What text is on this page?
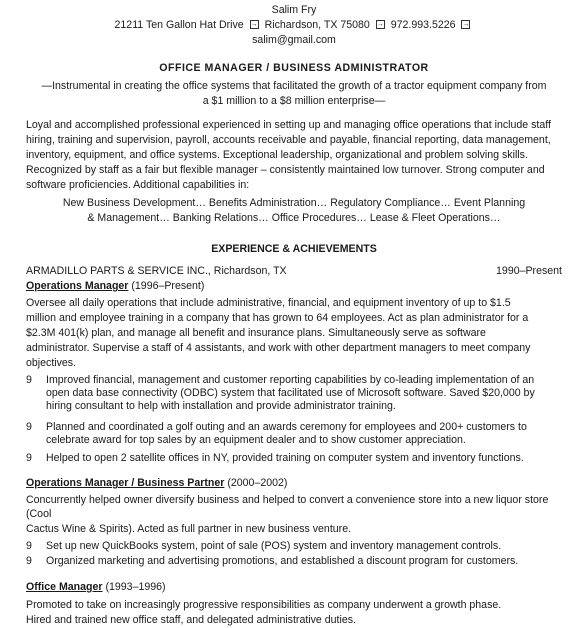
Salim Fry
21211 Ten Gallon Hat Drive → Richardson, TX 75080 → 972.993.5226 →
salim@gmail.com
OFFICE MANAGER / BUSINESS ADMINISTRATOR
—Instrumental in creating the office systems that facilitated the growth of a tractor equipment company from
a $1 million to a $8 million enterprise—
Loyal and accomplished professional experienced in setting up and managing office operations that include staff
hiring, training and supervision, payroll, accounts receivable and payable, financial reporting, data management,
inventory, equipment, and office systems. Exceptional leadership, organizational and problem solving skills.
Recognized by staff as a fair but flexible manager – consistently maintained low turnover. Strong computer and
software proficiencies. Additional capabilities in:
New Business Development… Benefits Administration… Regulatory Compliance… Event Planning
& Management… Banking Relations… Office Procedures… Lease & Fleet Operations…
EXPERIENCE & ACHIEVEMENTS
ARMADILLO PARTS & SERVICE INC., Richardson, TX	1990–Present
Operations Manager (1996–Present)
Oversee all daily operations that include administrative, financial, and equipment inventory of up to $1.5
million and employee training in a company that has grown to 64 employees. Act as plan administrator for a
$2.3M 401(k) plan, and manage all benefit and insurance plans. Simultaneously serve as software
administrator. Supervise a staff of 4 assistants, and work with other department managers to meet company
objectives.
9	Improved financial, management and customer reporting capabilities by co-leading implementation of an
open data base connectivity (ODBC) system that facilitated use of Microsoft software. Saved $20,000 by
hiring consultant to help with installation and provide administrator training.
9	Planned and coordinated a golf outing and an awards ceremony for employees and 200+ customers to
celebrate award for top sales by an equipment dealer and to show customer appreciation.
9	Helped to open 2 satellite offices in NY, provided training on computer system and inventory functions.
Operations Manager / Business Partner (2000–2002)
Concurrently helped owner diversify business and helped to convert a convenience store into a new liquor store
(Cool
Cactus Wine & Spirits). Acted as full partner in new business venture.
9	Set up new QuickBooks system, point of sale (POS) system and inventory management controls.
9	Organized marketing and advertising promotions, and established a discount program for customers.
Office Manager (1993–1996)
Promoted to take on increasingly progressive responsibilities as company underwent a growth phase.
Hired and trained new office staff, and delegated administrative duties.
